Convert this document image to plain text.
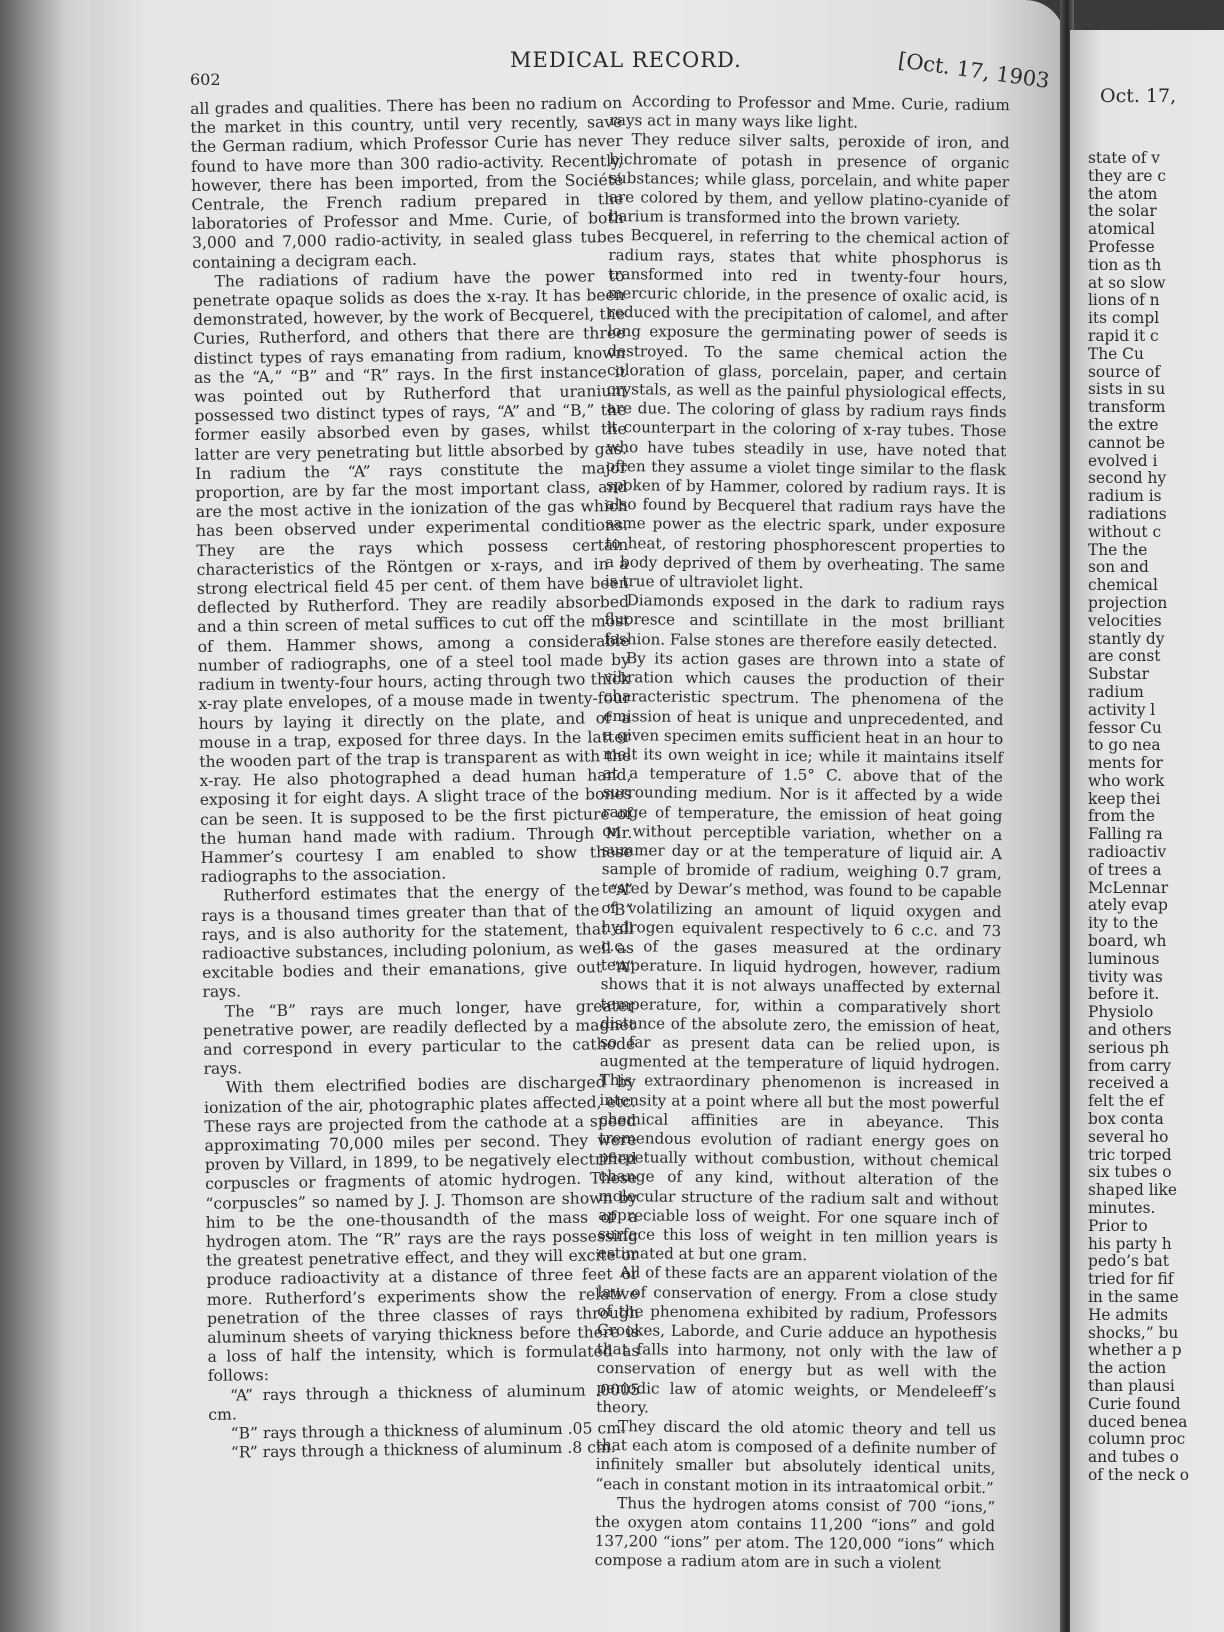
602
MEDICAL RECORD.	[Oct. 17, 1903

all grades and qualities. There has been no radium on the market in this country, until very recently, save the German radium, which Professor Curie has never found to have more than 300 radio-activity. Recently, however, there has been imported, from the Société Centrale, the French radium prepared in the laboratories of Professor and Mme. Curie, of both 3,000 and 7,000 radio-activity, in sealed glass tubes containing a decigram each.

The radiations of radium have the power to penetrate opaque solids as does the x-ray. It has been demonstrated, however, by the work of Becquerel, the Curies, Rutherford, and others that there are three distinct types of rays emanating from radium, known as the “A,” “B” and “R” rays. In the first instance it was pointed out by Rutherford that uranium possessed two distinct types of rays, “A” and “B,” the former easily absorbed even by gases, whilst the latter are very penetrating but little absorbed by gas. In radium the “A” rays constitute the major proportion, are by far the most important class, and are the most active in the ionization of the gas which has been observed under experimental conditions. They are the rays which possess certain characteristics of the Röntgen or x-rays, and in a strong electrical field 45 per cent. of them have been deflected by Rutherford. They are readily absorbed and a thin screen of metal suffices to cut off the most of them. Hammer shows, among a considerable number of radiographs, one of a steel tool made by radium in twenty-four hours, acting through two thick x-ray plate envelopes, of a mouse made in twenty-four hours by laying it directly on the plate, and of a mouse in a trap, exposed for three days. In the latter the wooden part of the trap is transparent as with the x-ray. He also photographed a dead human hand, exposing it for eight days. A slight trace of the bones can be seen. It is supposed to be the first picture of the human hand made with radium. Through Mr. Hammer’s courtesy I am enabled to show these radiographs to the association.

Rutherford estimates that the energy of the “A” rays is a thousand times greater than that of the “B” rays, and is also authority for the statement, that all radioactive substances, including polonium, as well as excitable bodies and their emanations, give out “A” rays.

The “B” rays are much longer, have greater penetrative power, are readily deflected by a magnet and correspond in every particular to the cathode rays.

With them electrified bodies are discharged by ionization of the air, photographic plates affected, etc. These rays are projected from the cathode at a speed approximating 70,000 miles per second. They were proven by Villard, in 1899, to be negatively electrified corpuscles or fragments of atomic hydrogen. These “corpuscles” so named by J. J. Thomson are shown by him to be the one-thousandth of the mass of a hydrogen atom. The “R” rays are the rays possessing the greatest penetrative effect, and they will excite or produce radioactivity at a distance of three feet or more. Rutherford’s experiments show the relative penetration of the three classes of rays through aluminum sheets of varying thickness before there is a loss of half the intensity, which is formulated as follows:

“A” rays through a thickness of aluminum .0005 cm.

“B” rays through a thickness of aluminum .05 cm.

“R” rays through a thickness of aluminum .8 cm.

According to Professor and Mme. Curie, radium rays act in many ways like light.

They reduce silver salts, peroxide of iron, and bichromate of potash in presence of organic substances; while glass, porcelain, and white paper are colored by them, and yellow platino-cyanide of barium is transformed into the brown variety.

Becquerel, in referring to the chemical action of radium rays, states that white phosphorus is transformed into red in twenty-four hours, mercuric chloride, in the presence of oxalic acid, is reduced with the precipitation of calomel, and after long exposure the germinating power of seeds is destroyed. To the same chemical action the coloration of glass, porcelain, paper, and certain crystals, as well as the painful physiological effects, are due. The coloring of glass by radium rays finds it counterpart in the coloring of x-ray tubes. Those who have tubes steadily in use, have noted that often they assume a violet tinge similar to the flask spoken of by Hammer, colored by radium rays. It is also found by Becquerel that radium rays have the same power as the electric spark, under exposure to heat, of restoring phosphorescent properties to a body deprived of them by overheating. The same is true of ultraviolet light.

Diamonds exposed in the dark to radium rays fluoresce and scintillate in the most brilliant fashion. False stones are therefore easily detected.

By its action gases are thrown into a state of vibration which causes the production of their characteristic spectrum. The phenomena of the emission of heat is unique and unprecedented, and a given specimen emits sufficient heat in an hour to melt its own weight in ice; while it maintains itself at a temperature of 1.5° C. above that of the surrounding medium. Nor is it affected by a wide range of temperature, the emission of heat going on without perceptible variation, whether on a summer day or at the temperature of liquid air. A sample of bromide of radium, weighing 0.7 gram, tested by Dewar’s method, was found to be capable of volatilizing an amount of liquid oxygen and hydrogen equivalent respectively to 6 c.c. and 73 c.c. of the gases measured at the ordinary temperature. In liquid hydrogen, however, radium shows that it is not always unaffected by external temperature, for, within a comparatively short distance of the absolute zero, the emission of heat, so far as present data can be relied upon, is augmented at the temperature of liquid hydrogen. This extraordinary phenomenon is increased in intensity at a point where all but the most powerful chemical affinities are in abeyance. This tremendous evolution of radiant energy goes on perpetually without combustion, without chemical change of any kind, without alteration of the molecular structure of the radium salt and without appreciable loss of weight. For one square inch of surface this loss of weight in ten million years is estimated at but one gram.

All of these facts are an apparent violation of the law of conservation of energy. From a close study of the phenomena exhibited by radium, Professors Crookes, Laborde, and Curie adduce an hypothesis that falls into harmony, not only with the law of conservation of energy but as well with the periodic law of atomic weights, or Mendeleeff’s theory.

They discard the old atomic theory and tell us that each atom is composed of a definite number of infinitely smaller but absolutely identical units, “each in constant motion in its intraatomical orbit.”

Thus the hydrogen atoms consist of 700 “ions,” the oxygen atom contains 11,200 “ions” and gold 137,200 “ions” per atom. The 120,000 “ions” which compose a radium atom are in such a violent

Oct. 17,
state of v
they are c
the atom
the solar
atomical
Professe
tion as th
at so slow
lions of n
its compl
rapid it c
The Cu
source of
sists in su
transform
the extre
cannot be
evolved i
second hy
radium is
radiations
without c
The the
son and
chemical
projection
velocities
stantly dy
are const
Substar
radium
activity l
fessor Cu
to go nea
ments for
who work
keep thei
from the
Falling ra
radioactiv
of trees a
McLennar
ately evap
ity to the
board, wh
luminous
tivity was
before it.
Physiolo
and others
serious ph
from carry
received a
felt the ef
box conta
several ho
tric torped
six tubes o
shaped like
minutes.
Prior to
his party h
pedo’s bat
tried for fif
in the same
He admits
shocks,” bu
whether a p
the action
than plausi
Curie found
duced benea
column proc
and tubes o
of the neck o
